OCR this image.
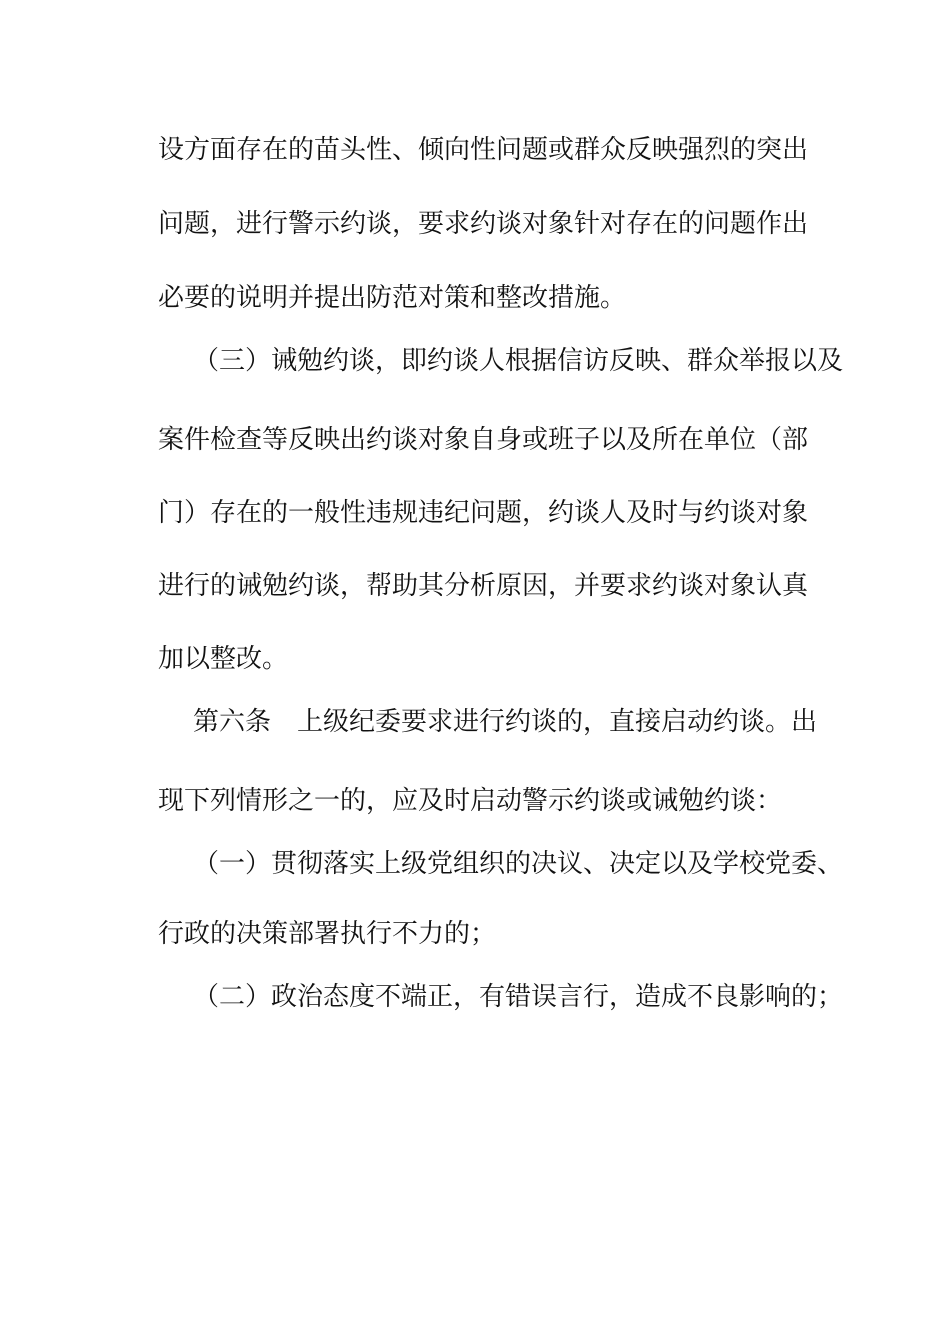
设方面存在的苗头性、倾向性问题或群众反映强烈的突出
问题，进行警示约谈，要求约谈对象针对存在的问题作出
必要的说明并提出防范对策和整改措施。
（三）诫勉约谈，即约谈人根据信访反映、群众举报以及
案件检查等反映出约谈对象自身或班子以及所在单位（部
门）存在的一般性违规违纪问题，约谈人及时与约谈对象
进行的诫勉约谈，帮助其分析原因，并要求约谈对象认真
加以整改。
第六条　上级纪委要求进行约谈的，直接启动约谈。出
现下列情形之一的，应及时启动警示约谈或诫勉约谈：
（一）贯彻落实上级党组织的决议、决定以及学校党委、
行政的决策部署执行不力的；
（二）政治态度不端正，有错误言行，造成不良影响的；
